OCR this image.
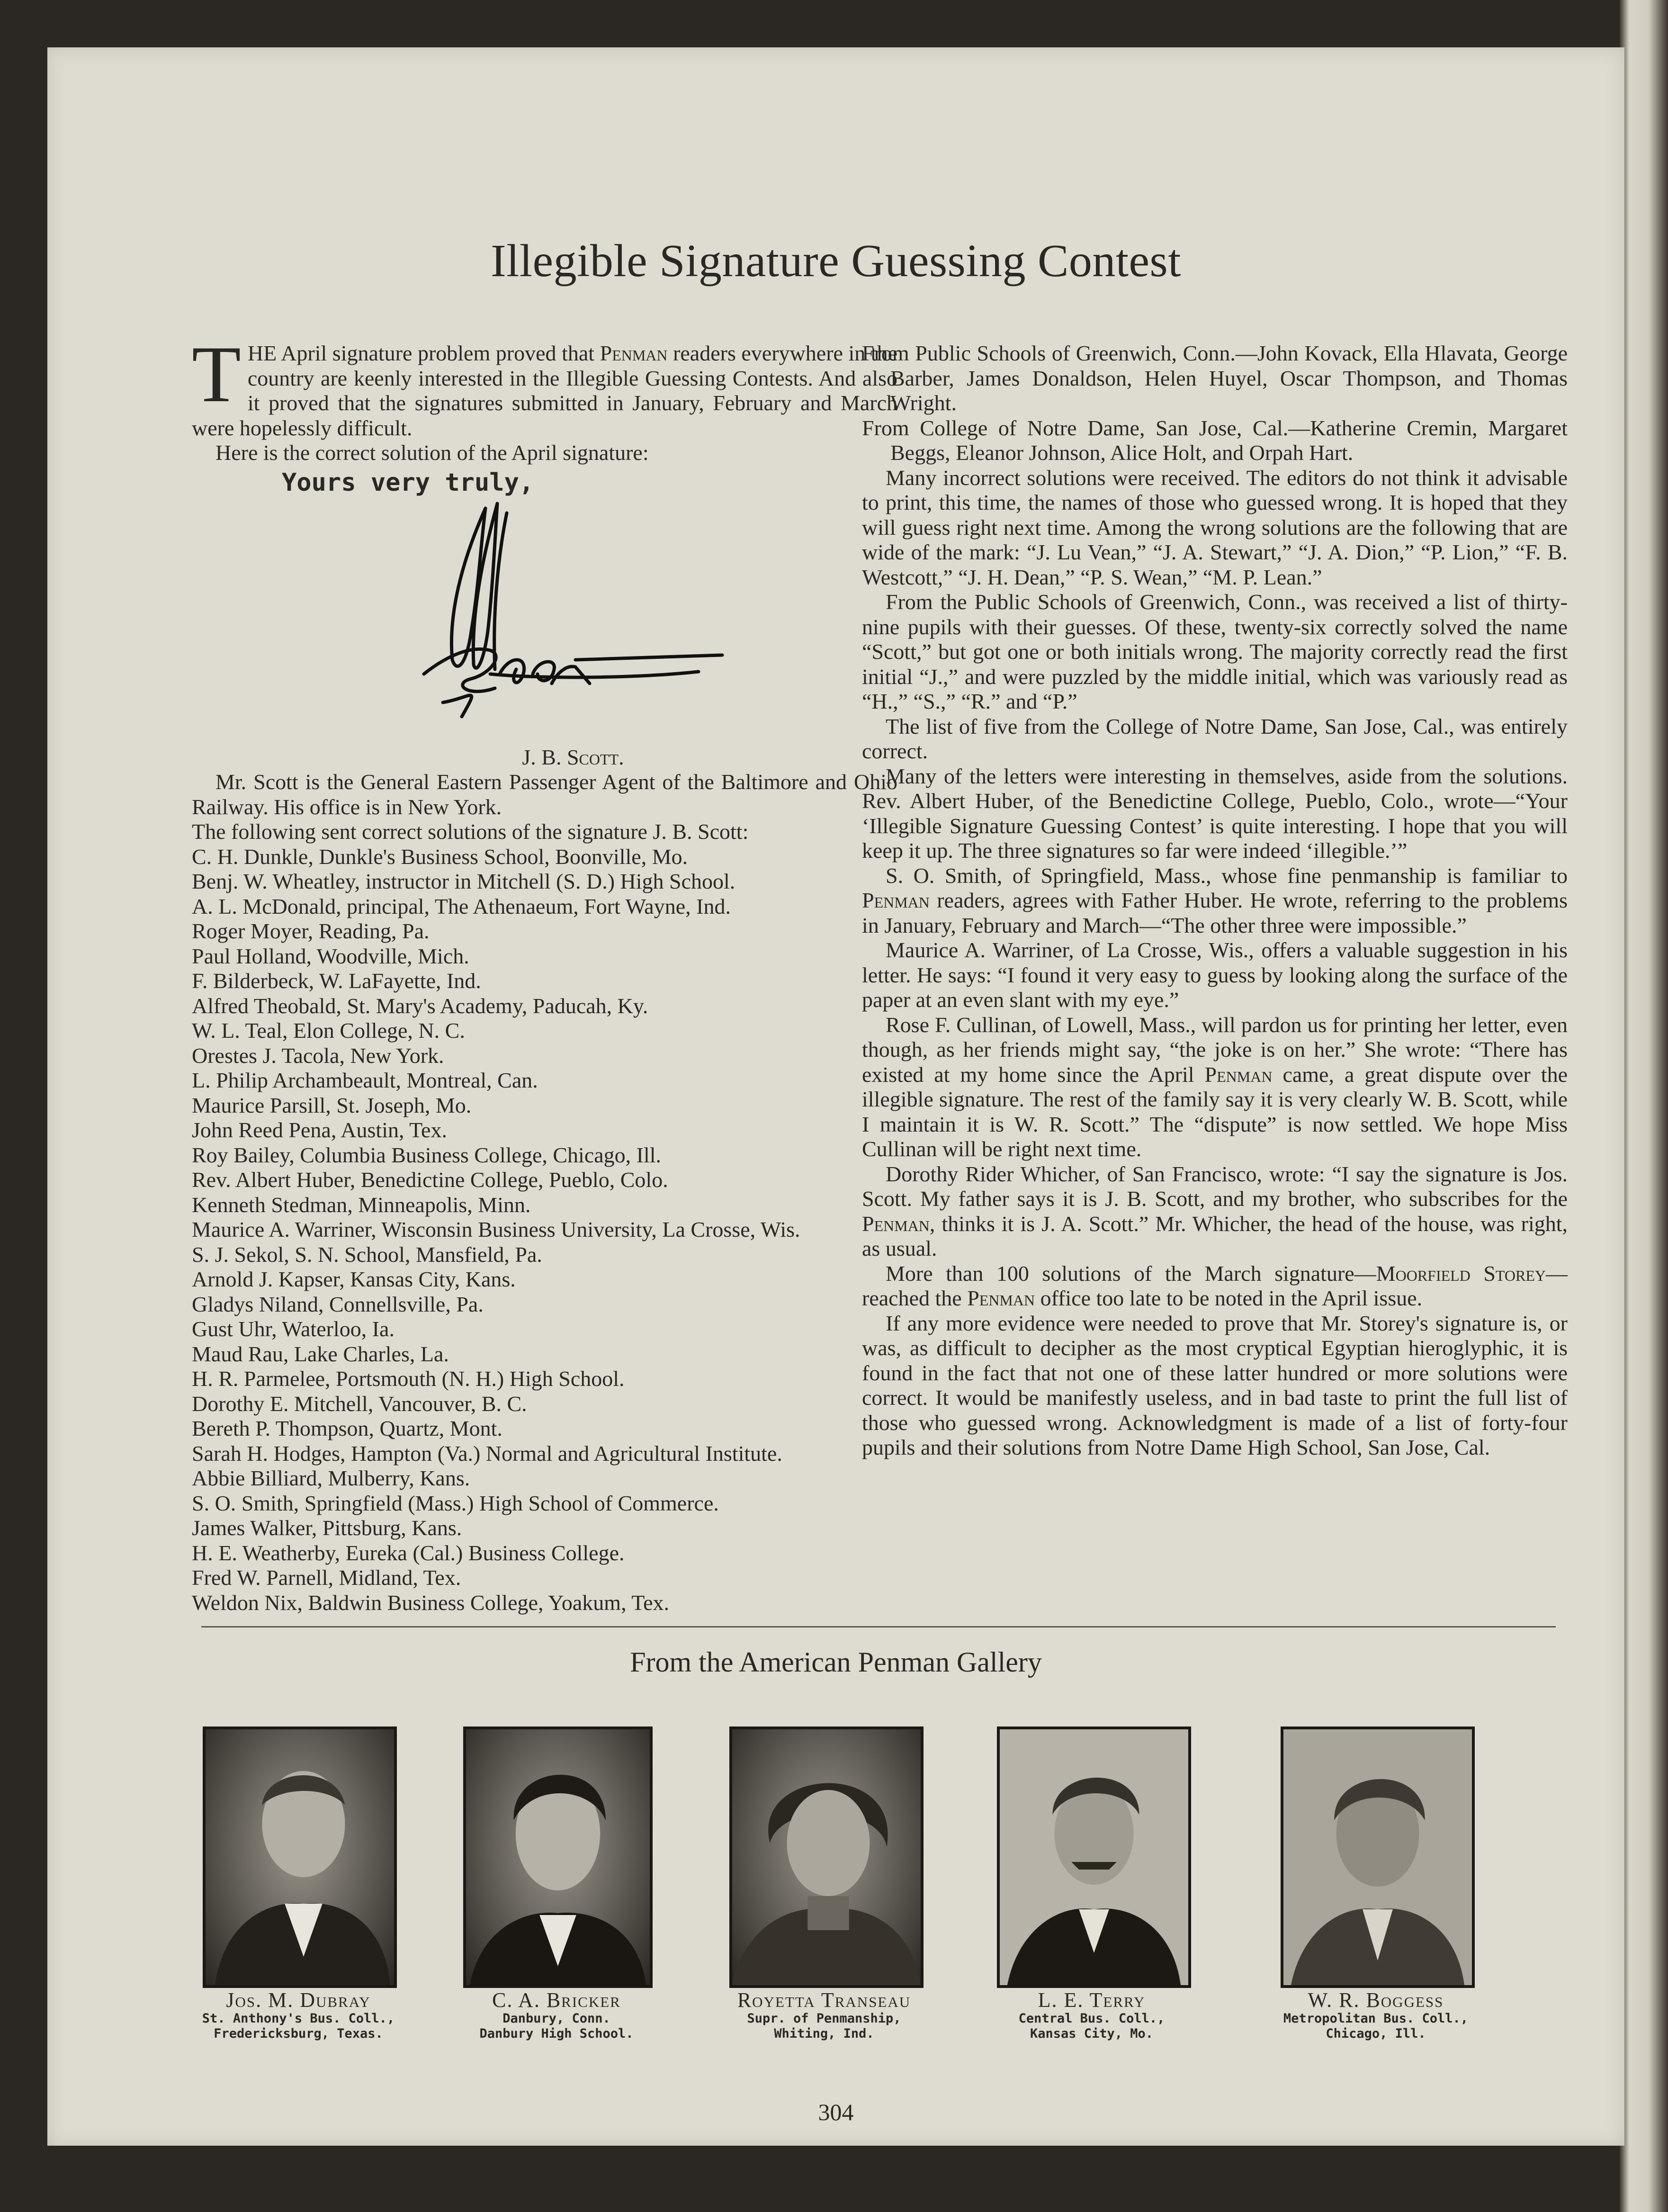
Illegible Signature Guessing Contest

THE April signature problem proved that Penman readers everywhere in the country are keenly interested in the Illegible Guessing Contests. And also it proved that the signatures submitted in January, February and March were hopelessly difficult.

Here is the correct solution of the April signature:

Yours very truly,

J. B. Scott.

Mr. Scott is the General Eastern Passenger Agent of the Baltimore and Ohio Railway. His office is in New York.

The following sent correct solutions of the signature J. B. Scott:

C. H. Dunkle, Dunkle's Business School, Boonville, Mo.

Benj. W. Wheatley, instructor in Mitchell (S. D.) High School.

A. L. McDonald, principal, The Athenaeum, Fort Wayne, Ind.

Roger Moyer, Reading, Pa.

Paul Holland, Woodville, Mich.

F. Bilderbeck, W. LaFayette, Ind.

Alfred Theobald, St. Mary's Academy, Paducah, Ky.

W. L. Teal, Elon College, N. C.

Orestes J. Tacola, New York.

L. Philip Archambeault, Montreal, Can.

Maurice Parsill, St. Joseph, Mo.

John Reed Pena, Austin, Tex.

Roy Bailey, Columbia Business College, Chicago, Ill.

Rev. Albert Huber, Benedictine College, Pueblo, Colo.

Kenneth Stedman, Minneapolis, Minn.

Maurice A. Warriner, Wisconsin Business University, La Crosse, Wis.

S. J. Sekol, S. N. School, Mansfield, Pa.

Arnold J. Kapser, Kansas City, Kans.

Gladys Niland, Connellsville, Pa.

Gust Uhr, Waterloo, Ia.

Maud Rau, Lake Charles, La.

H. R. Parmelee, Portsmouth (N. H.) High School.

Dorothy E. Mitchell, Vancouver, B. C.

Bereth P. Thompson, Quartz, Mont.

Sarah H. Hodges, Hampton (Va.) Normal and Agricultural Institute.

Abbie Billiard, Mulberry, Kans.

S. O. Smith, Springfield (Mass.) High School of Commerce.

James Walker, Pittsburg, Kans.

H. E. Weatherby, Eureka (Cal.) Business College.

Fred W. Parnell, Midland, Tex.

Weldon Nix, Baldwin Business College, Yoakum, Tex.

From Public Schools of Greenwich, Conn.—John Kovack, Ella Hlavata, George Barber, James Donaldson, Helen Huyel, Oscar Thompson, and Thomas Wright.

From College of Notre Dame, San Jose, Cal.—Katherine Cremin, Margaret Beggs, Eleanor Johnson, Alice Holt, and Orpah Hart.

Many incorrect solutions were received. The editors do not think it advisable to print, this time, the names of those who guessed wrong. It is hoped that they will guess right next time. Among the wrong solutions are the following that are wide of the mark: “J. Lu Vean,” “J. A. Stewart,” “J. A. Dion,” “P. Lion,” “F. B. Westcott,” “J. H. Dean,” “P. S. Wean,” “M. P. Lean.”

From the Public Schools of Greenwich, Conn., was received a list of thirty-nine pupils with their guesses. Of these, twenty-six correctly solved the name “Scott,” but got one or both initials wrong. The majority correctly read the first initial “J.,” and were puzzled by the middle initial, which was variously read as “H.,” “S.,” “R.” and “P.”

The list of five from the College of Notre Dame, San Jose, Cal., was entirely correct.

Many of the letters were interesting in themselves, aside from the solutions. Rev. Albert Huber, of the Benedictine College, Pueblo, Colo., wrote—“Your ‘Illegible Signature Guessing Contest’ is quite interesting. I hope that you will keep it up. The three signatures so far were indeed ‘illegible.’”

S. O. Smith, of Springfield, Mass., whose fine penmanship is familiar to Penman readers, agrees with Father Huber. He wrote, referring to the problems in January, February and March—“The other three were impossible.”

Maurice A. Warriner, of La Crosse, Wis., offers a valuable suggestion in his letter. He says: “I found it very easy to guess by looking along the surface of the paper at an even slant with my eye.”

Rose F. Cullinan, of Lowell, Mass., will pardon us for printing her letter, even though, as her friends might say, “the joke is on her.” She wrote: “There has existed at my home since the April Penman came, a great dispute over the illegible signature. The rest of the family say it is very clearly W. B. Scott, while I maintain it is W. R. Scott.” The “dispute” is now settled. We hope Miss Cullinan will be right next time.

Dorothy Rider Whicher, of San Francisco, wrote: “I say the signature is Jos. Scott. My father says it is J. B. Scott, and my brother, who subscribes for the Penman, thinks it is J. A. Scott.” Mr. Whicher, the head of the house, was right, as usual.

More than 100 solutions of the March signature—Moorfield Storey—reached the Penman office too late to be noted in the April issue.

If any more evidence were needed to prove that Mr. Storey's signature is, or was, as difficult to decipher as the most cryptical Egyptian hieroglyphic, it is found in the fact that not one of these latter hundred or more solutions were correct. It would be manifestly useless, and in bad taste to print the full list of those who guessed wrong. Acknowledgment is made of a list of forty-four pupils and their solutions from Notre Dame High School, San Jose, Cal.

From the American Penman Gallery
Jos. M. Dubray
St. Anthony's Bus. Coll.,
Fredericksburg, Texas.
C. A. Bricker
Danbury, Conn.
Danbury High School.
Royetta Transeau
Supr. of Penmanship,
Whiting, Ind.
L. E. Terry
Central Bus. Coll.,
Kansas City, Mo.
W. R. Boggess
Metropolitan Bus. Coll.,
Chicago, Ill.
304
